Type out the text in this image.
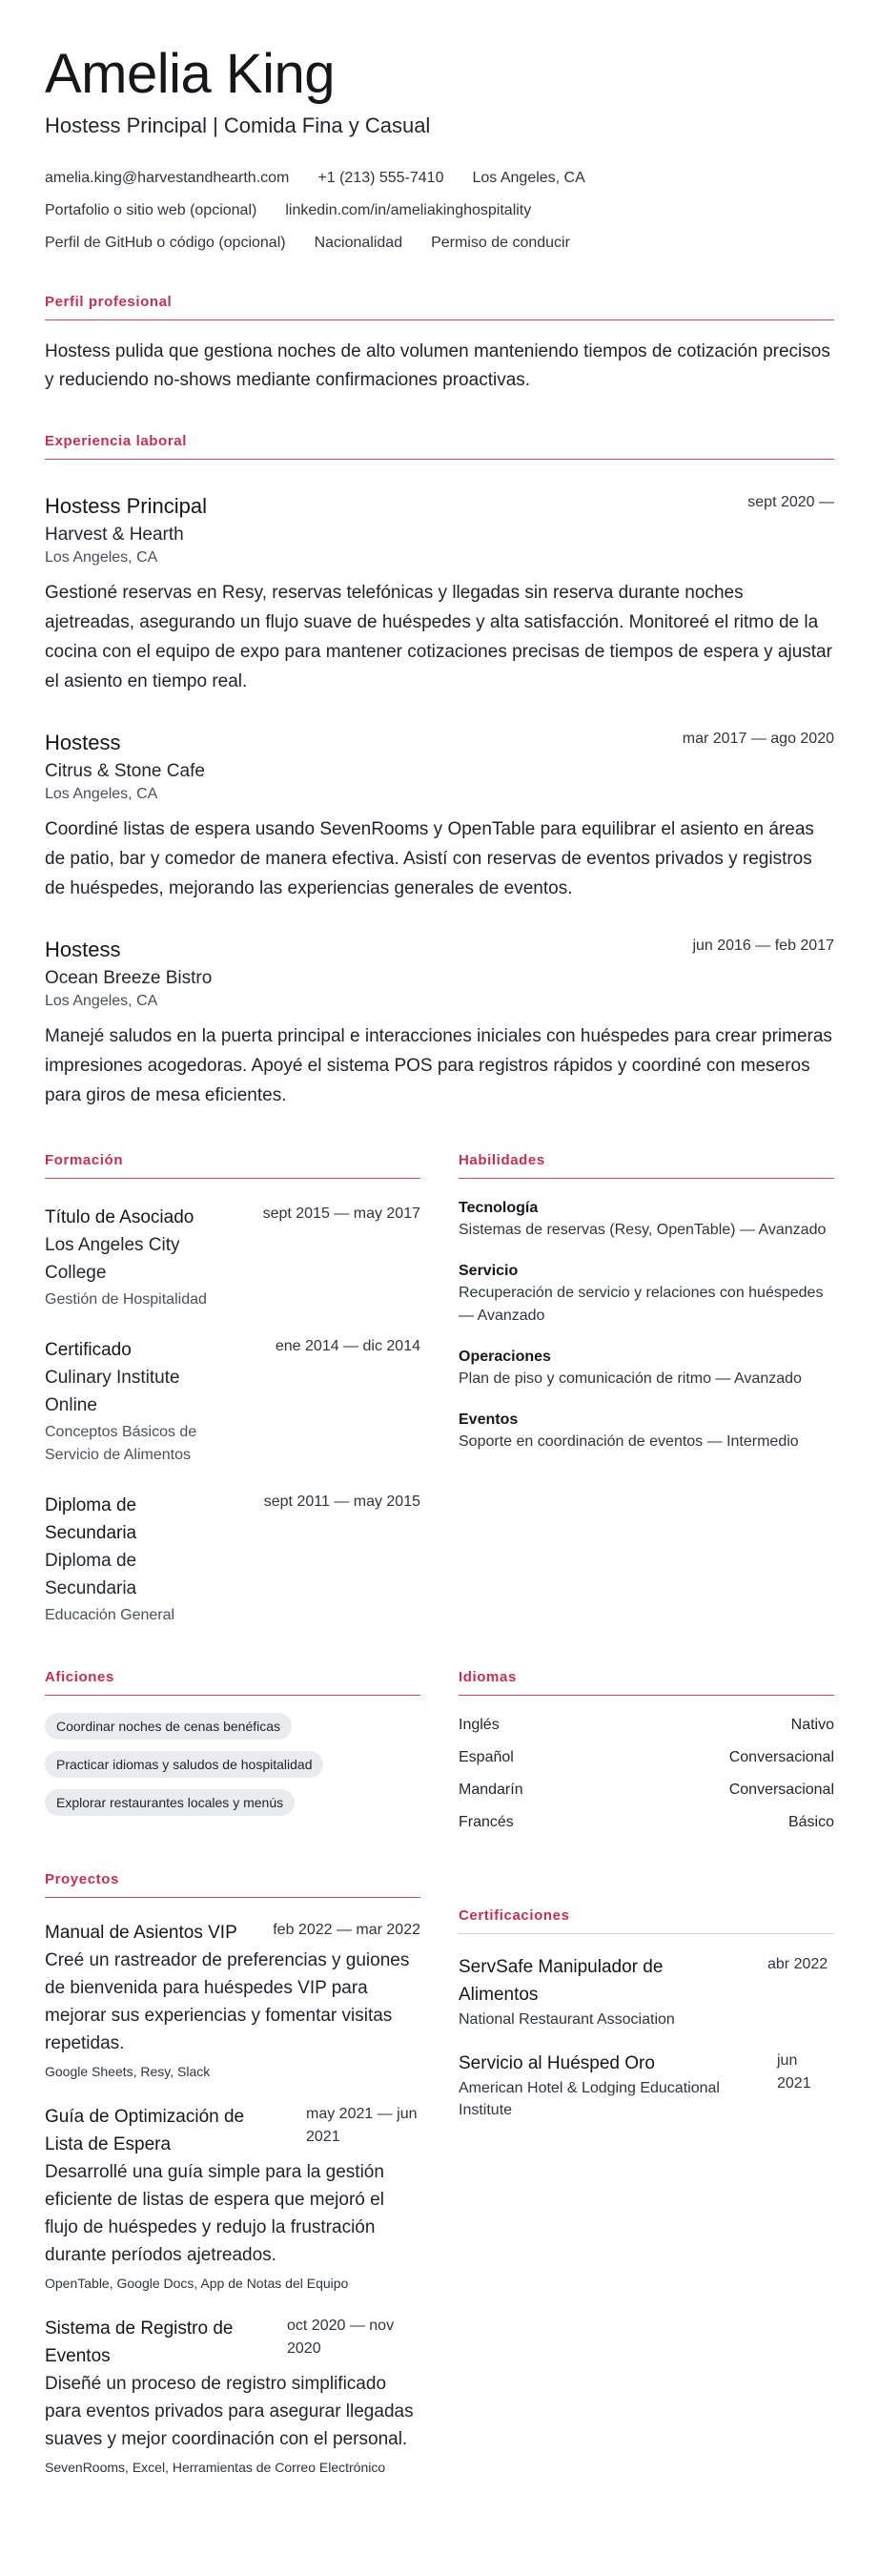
Amelia King
Hostess Principal | Comida Fina y Casual
amelia.king@harvestandhearth.com +1 (213) 555-7410 Los Angeles, CA
Portafolio o sitio web (opcional) linkedin.com/in/ameliakinghospitality
Perfil de GitHub o código (opcional) Nacionalidad Permiso de conducir
Perfil profesional
Hostess pulida que gestiona noches de alto volumen manteniendo tiempos de cotización precisos y reduciendo no-shows mediante confirmaciones proactivas.
Experiencia laboral
Hostess Principal	sept 2020 —
Harvest & Hearth
Los Angeles, CA
Gestioné reservas en Resy, reservas telefónicas y llegadas sin reserva durante noches ajetreadas, asegurando un flujo suave de huéspedes y alta satisfacción. Monitoreé el ritmo de la cocina con el equipo de expo para mantener cotizaciones precisas de tiempos de espera y ajustar el asiento en tiempo real.
Hostess	mar 2017 — ago 2020
Citrus & Stone Cafe
Los Angeles, CA
Coordiné listas de espera usando SevenRooms y OpenTable para equilibrar el asiento en áreas de patio, bar y comedor de manera efectiva. Asistí con reservas de eventos privados y registros de huéspedes, mejorando las experiencias generales de eventos.
Hostess	jun 2016 — feb 2017
Ocean Breeze Bistro
Los Angeles, CA
Manejé saludos en la puerta principal e interacciones iniciales con huéspedes para crear primeras impresiones acogedoras. Apoyé el sistema POS para registros rápidos y coordiné con meseros para giros de mesa eficientes.
Formación
Título de Asociado
Los Angeles City College
Gestión de Hospitalidad
sept 2015 — may 2017
Certificado
Culinary Institute Online
Conceptos Básicos de Servicio de Alimentos
ene 2014 — dic 2014
Diploma de Secundaria
Diploma de Secundaria
Educación General
sept 2011 — may 2015
Habilidades
Tecnología
Sistemas de reservas (Resy, OpenTable) — Avanzado
Servicio
Recuperación de servicio y relaciones con huéspedes — Avanzado
Operaciones
Plan de piso y comunicación de ritmo — Avanzado
Eventos
Soporte en coordinación de eventos — Intermedio
Aficiones
Coordinar noches de cenas benéficas
Practicar idiomas y saludos de hospitalidad
Explorar restaurantes locales y menús
Idiomas
Inglés	Nativo
Español	Conversacional
Mandarín	Conversacional
Francés	Básico
Proyectos
Manual de Asientos VIP feb 2022 — mar 2022
Creé un rastreador de preferencias y guiones de bienvenida para huéspedes VIP para mejorar sus experiencias y fomentar visitas repetidas.
Google Sheets, Resy, Slack
Guía de Optimización de Lista de Espera
may 2021 — jun 2021
Desarrollé una guía simple para la gestión eficiente de listas de espera que mejoró el flujo de huéspedes y redujo la frustración durante períodos ajetreados.
OpenTable, Google Docs, App de Notas del Equipo
Sistema de Registro de Eventos
oct 2020 — nov 2020
Diseñé un proceso de registro simplificado para eventos privados para asegurar llegadas suaves y mejor coordinación con el personal.
SevenRooms, Excel, Herramientas de Correo Electrónico
Certificaciones
ServSafe Manipulador de Alimentos
National Restaurant Association
abr 2022
Servicio al Huésped Oro
American Hotel & Lodging Educational Institute
jun 2021
